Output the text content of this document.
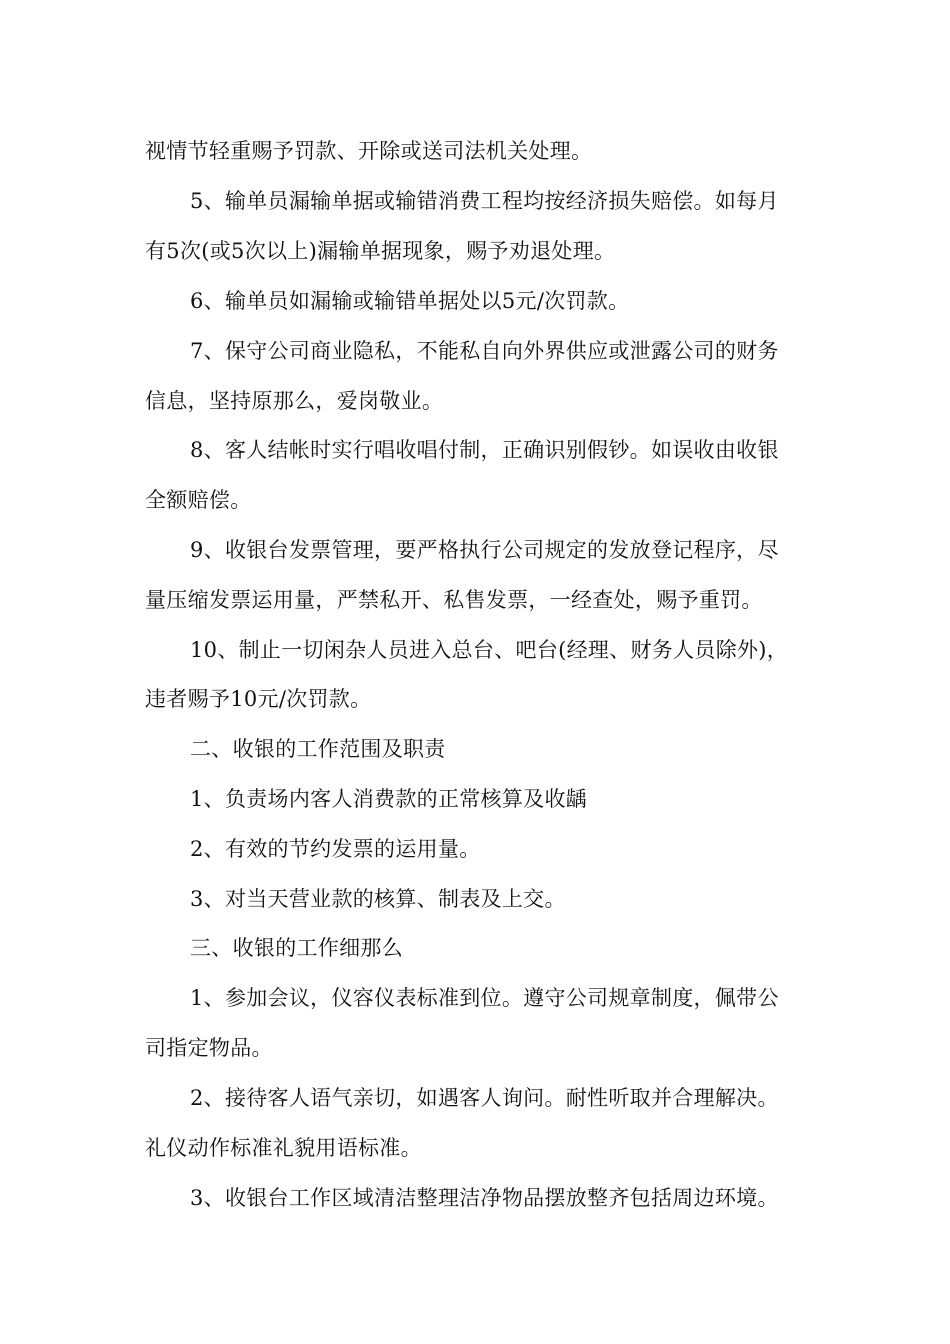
视情节轻重赐予罚款、开除或送司法机关处理。
5、输单员漏输单据或输错消费工程均按经济损失赔偿。如每月
有5次(或5次以上)漏输单据现象，赐予劝退处理。
6、输单员如漏输或输错单据处以5元/次罚款。
7、保守公司商业隐私，不能私自向外界供应或泄露公司的财务
信息，坚持原那么，爱岗敬业。
8、客人结帐时实行唱收唱付制，正确识别假钞。如误收由收银
全额赔偿。
9、收银台发票管理，要严格执行公司规定的发放登记程序，尽
量压缩发票运用量，严禁私开、私售发票，一经查处，赐予重罚。
10、制止一切闲杂人员进入总台、吧台(经理、财务人员除外)，
违者赐予10元/次罚款。
二、收银的工作范围及职责
1、负责场内客人消费款的正常核算及收龋
2、有效的节约发票的运用量。
3、对当天营业款的核算、制表及上交。
三、收银的工作细那么
1、参加会议，仪容仪表标准到位。遵守公司规章制度，佩带公
司指定物品。
2、接待客人语气亲切，如遇客人询问。耐性听取并合理解决。
礼仪动作标准礼貌用语标准。
3、收银台工作区域清洁整理洁净物品摆放整齐包括周边环境。
